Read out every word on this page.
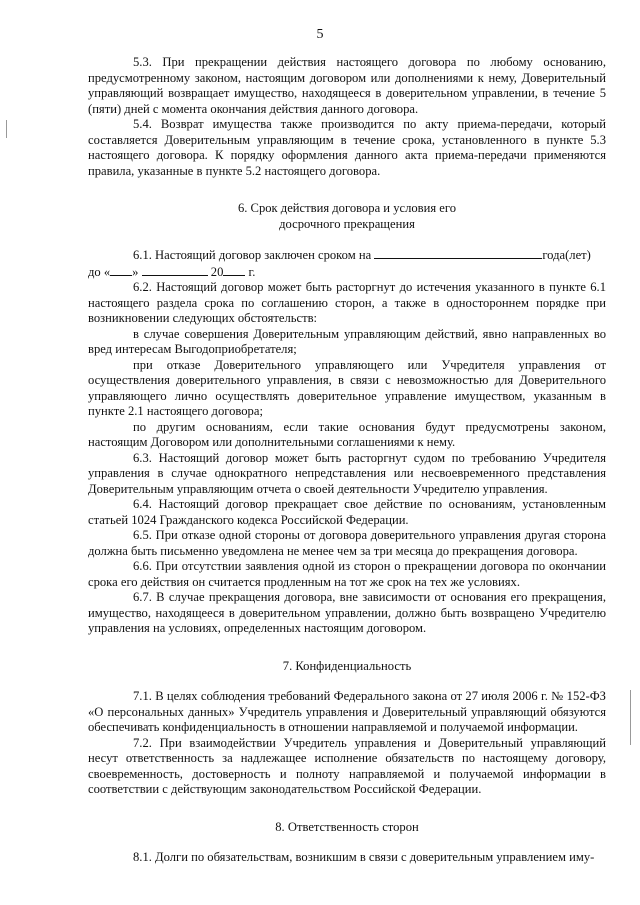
5

5.3. При прекращении действия настоящего договора по любому основанию, предусмотренному законом, настоящим договором или дополнениями к нему, Доверительный управляющий возвращает имущество, находящееся в доверительном управлении, в течение 5 (пяти) дней с момента окончания действия данного договора.

5.4. Возврат имущества также производится по акту приема-передачи, который составляется Доверительным управляющим в течение срока, установленного в пункте 5.3 настоящего договора. К порядку оформления данного акта приема-передачи применяются правила, указанные в пункте 5.2 настоящего договора.

6. Срок действия договора и условия его
досрочного прекращения

6.1. Настоящий договор заключен сроком на	года(лет)

до « »	20 г.

6.2. Настоящий договор может быть расторгнут до истечения указанного в пункте 6.1 настоящего раздела срока по соглашению сторон, а также в одностороннем порядке при возникновении следующих обстоятельств:

в случае совершения Доверительным управляющим действий, явно направленных во вред интересам Выгодоприобретателя;

при отказе Доверительного управляющего или Учредителя управления от осуществления доверительного управления, в связи с невозможностью для Доверительного управляющего лично осуществлять доверительное управление имуществом, указанным в пункте 2.1 настоящего договора;

по другим основаниям, если такие основания будут предусмотрены законом, настоящим Договором или дополнительными соглашениями к нему.

6.3. Настоящий договор может быть расторгнут судом по требованию Учредителя управления в случае однократного непредставления или несвоевременного представления Доверительным управляющим отчета о своей деятельности Учредителю управления.

6.4. Настоящий договор прекращает свое действие по основаниям, установленным статьей 1024 Гражданского кодекса Российской Федерации.

6.5. При отказе одной стороны от договора доверительного управления другая сторона должна быть письменно уведомлена не менее чем за три месяца до прекращения договора.

6.6. При отсутствии заявления одной из сторон о прекращении договора по окончании срока его действия он считается продленным на тот же срок на тех же условиях.

6.7. В случае прекращения договора, вне зависимости от основания его прекращения, имущество, находящееся в доверительном управлении, должно быть возвращено Учредителю управления на условиях, определенных настоящим договором.

7. Конфиденциальность

7.1. В целях соблюдения требований Федерального закона от 27 июля 2006 г. № 152-ФЗ «О персональных данных» Учредитель управления и Доверительный управляющий обязуются обеспечивать конфиденциальность в отношении направляемой и получаемой информации.

7.2. При взаимодействии Учредитель управления и Доверительный управляющий несут ответственность за надлежащее исполнение обязательств по настоящему договору, своевременность, достоверность и полноту направляемой и получаемой информации в соответствии с действующим законодательством Российской Федерации.

8. Ответственность сторон

8.1. Долги по обязательствам, возникшим в связи с доверительным управлением иму-
